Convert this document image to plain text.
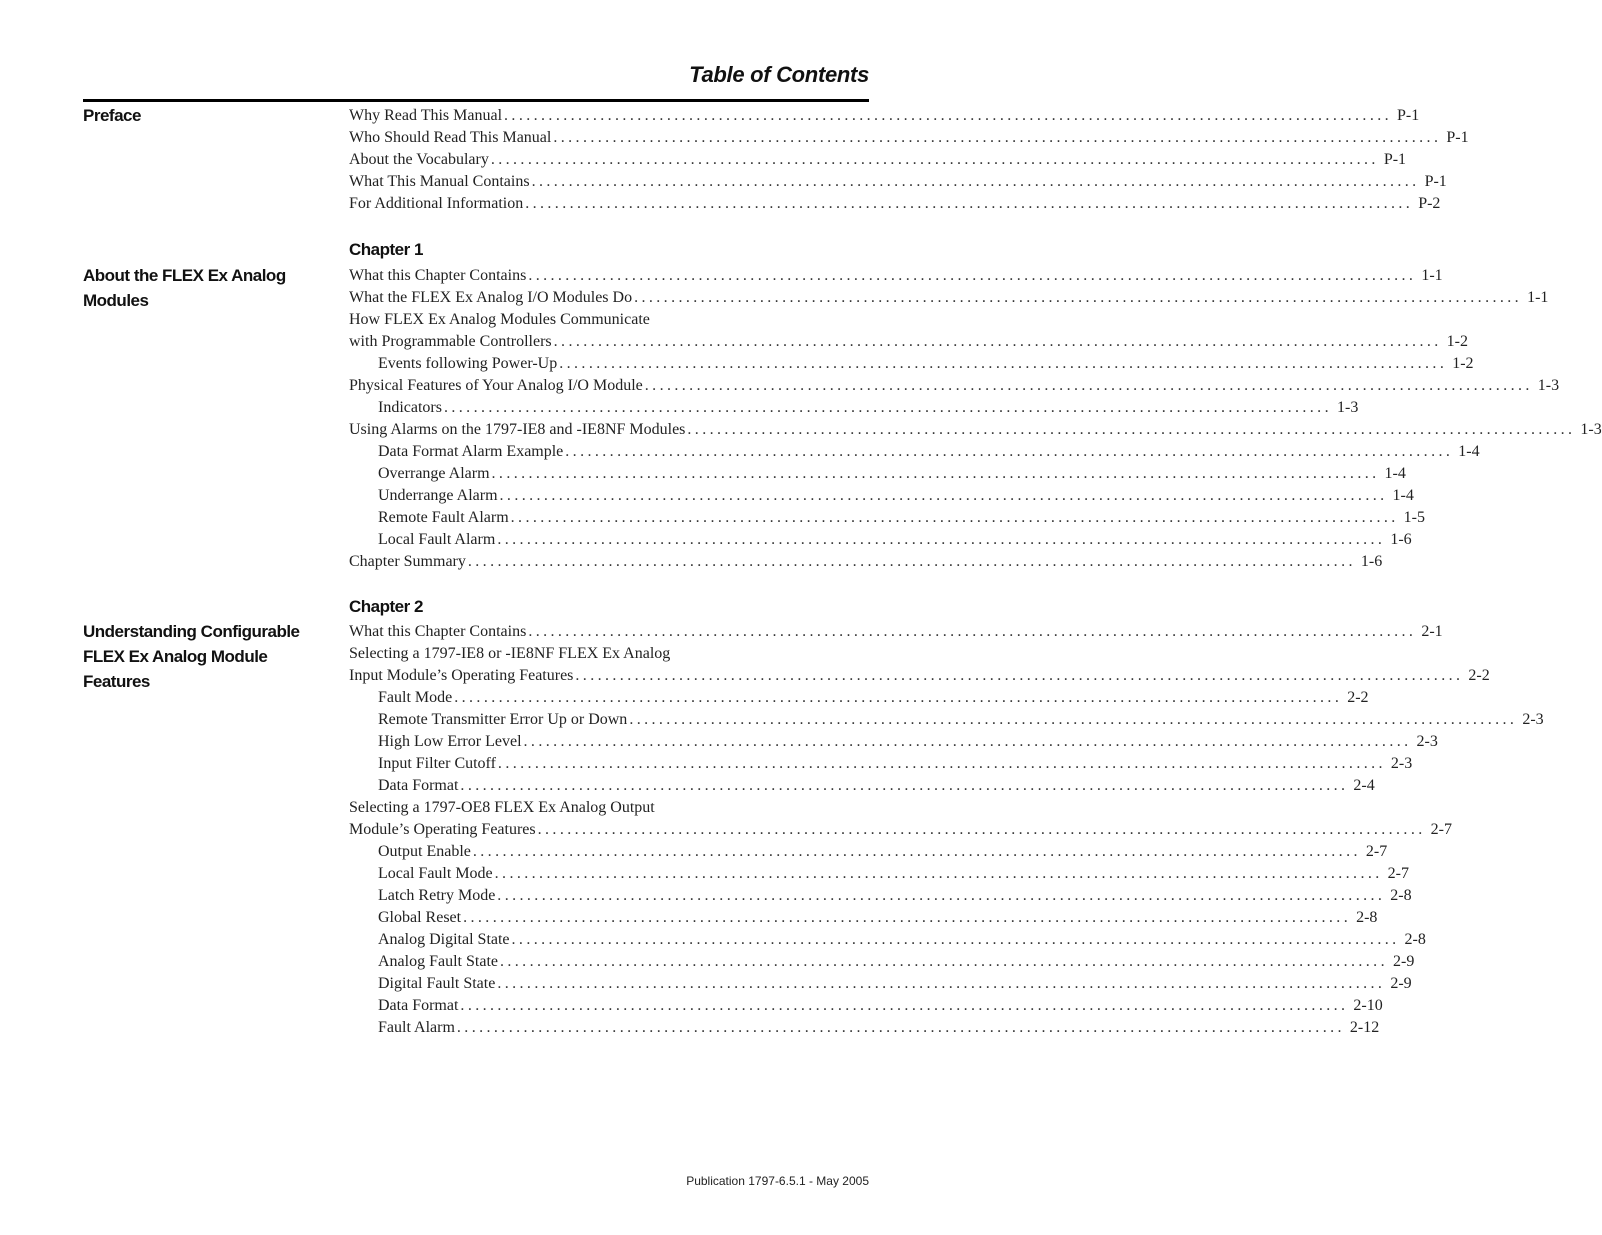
Table of Contents
Preface	Why Read This Manual ........................................................................................................................ P-1
Who Should Read This Manual ........................................................................................................................ P-1
About the Vocabulary ........................................................................................................................ P-1
What This Manual Contains ........................................................................................................................ P-1
For Additional Information ........................................................................................................................ P-2
Chapter 1
About the FLEX Ex Analog Modules
What this Chapter Contains ........................................................................................................................ 1-1
What the FLEX Ex Analog I/O Modules Do ........................................................................................................................ 1-1
How FLEX Ex Analog Modules Communicate
with Programmable Controllers ........................................................................................................................ 1-2
Events following Power-Up ........................................................................................................................ 1-2
Physical Features of Your Analog I/O Module ........................................................................................................................ 1-3
Indicators ........................................................................................................................ 1-3
Using Alarms on the 1797-IE8 and -IE8NF Modules ........................................................................................................................ 1-3
Data Format Alarm Example ........................................................................................................................ 1-4
Overrange Alarm ........................................................................................................................ 1-4
Underrange Alarm ........................................................................................................................ 1-4
Remote Fault Alarm ........................................................................................................................ 1-5
Local Fault Alarm ........................................................................................................................ 1-6
Chapter Summary ........................................................................................................................ 1-6
Chapter 2
Understanding Configurable FLEX Ex Analog Module Features
What this Chapter Contains ........................................................................................................................ 2-1
Selecting a 1797-IE8 or -IE8NF FLEX Ex Analog
Input Module’s Operating Features ........................................................................................................................ 2-2
Fault Mode ........................................................................................................................ 2-2
Remote Transmitter Error Up or Down ........................................................................................................................ 2-3
High Low Error Level ........................................................................................................................ 2-3
Input Filter Cutoff ........................................................................................................................ 2-3
Data Format ........................................................................................................................ 2-4
Selecting a 1797-OE8 FLEX Ex Analog Output
Module’s Operating Features ........................................................................................................................ 2-7
Output Enable ........................................................................................................................ 2-7
Local Fault Mode ........................................................................................................................ 2-7
Latch Retry Mode ........................................................................................................................ 2-8
Global Reset ........................................................................................................................ 2-8
Analog Digital State ........................................................................................................................ 2-8
Analog Fault State ........................................................................................................................ 2-9
Digital Fault State ........................................................................................................................ 2-9
Data Format ........................................................................................................................ 2-10
Fault Alarm ........................................................................................................................ 2-12
Publication 1797-6.5.1 - May 2005
